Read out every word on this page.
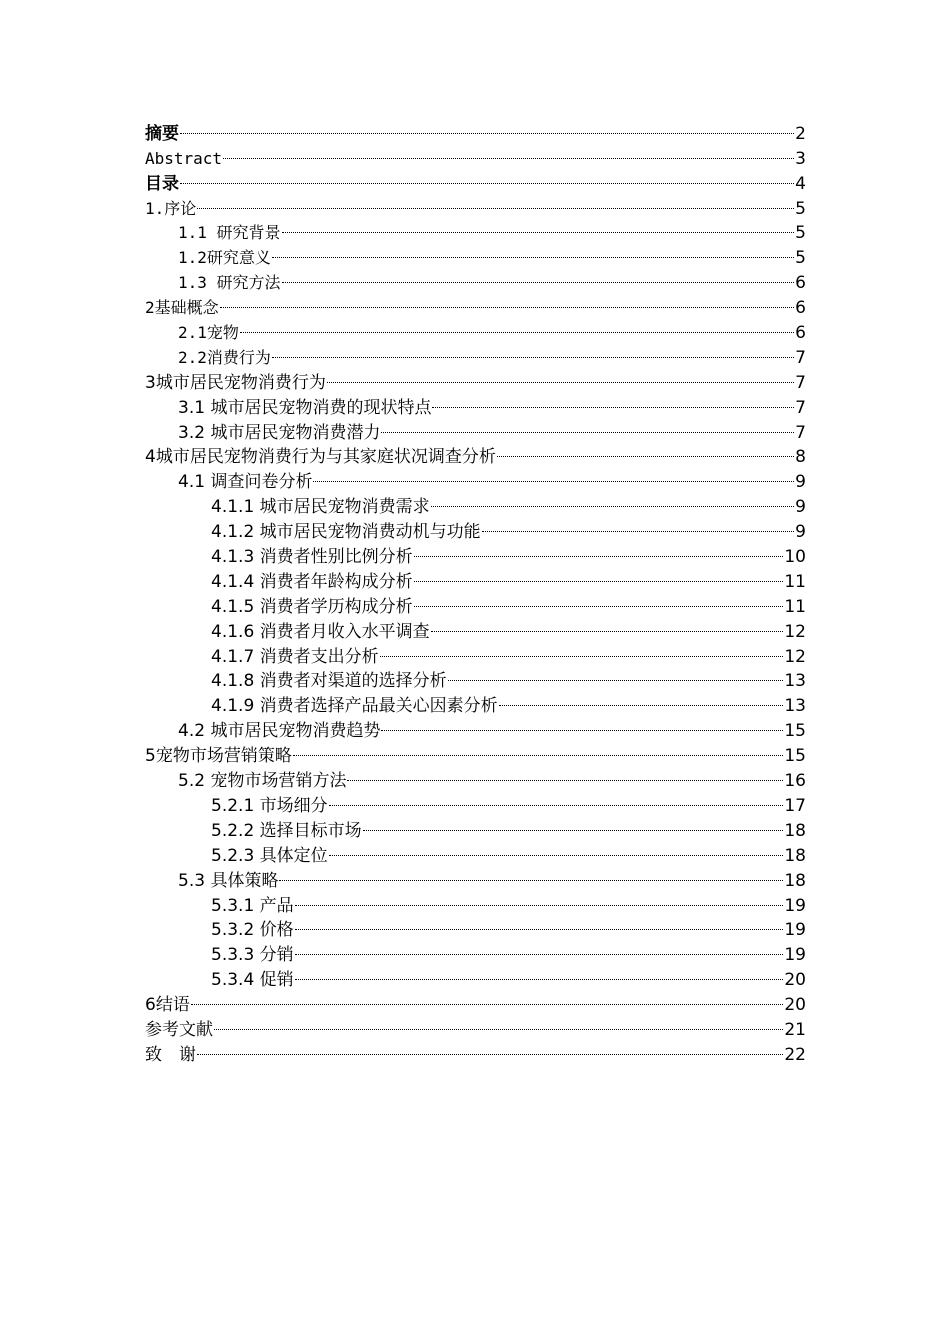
摘要	2
Abstract	3
目录	4
1.序论	5
1.1 研究背景	5
1.2研究意义	5
1.3 研究方法	6
2基础概念	6
2.1宠物	6
2.2消费行为	7
3城市居民宠物消费行为	7
3.1 城市居民宠物消费的现状特点	7
3.2 城市居民宠物消费潜力	7
4城市居民宠物消费行为与其家庭状况调查分析	8
4.1 调查问卷分析	9
4.1.1 城市居民宠物消费需求	9
4.1.2 城市居民宠物消费动机与功能	9
4.1.3 消费者性别比例分析	10
4.1.4 消费者年龄构成分析	11
4.1.5 消费者学历构成分析	11
4.1.6 消费者月收入水平调查	12
4.1.7 消费者支出分析	12
4.1.8 消费者对渠道的选择分析	13
4.1.9 消费者选择产品最关心因素分析	13
4.2 城市居民宠物消费趋势	15
5宠物市场营销策略	15
5.2 宠物市场营销方法	16
5.2.1 市场细分	17
5.2.2 选择目标市场	18
5.2.3 具体定位	18
5.3 具体策略	18
5.3.1 产品	19
5.3.2 价格	19
5.3.3 分销	19
5.3.4 促销	20
6结语	20
参考文献	21
致　谢	22
